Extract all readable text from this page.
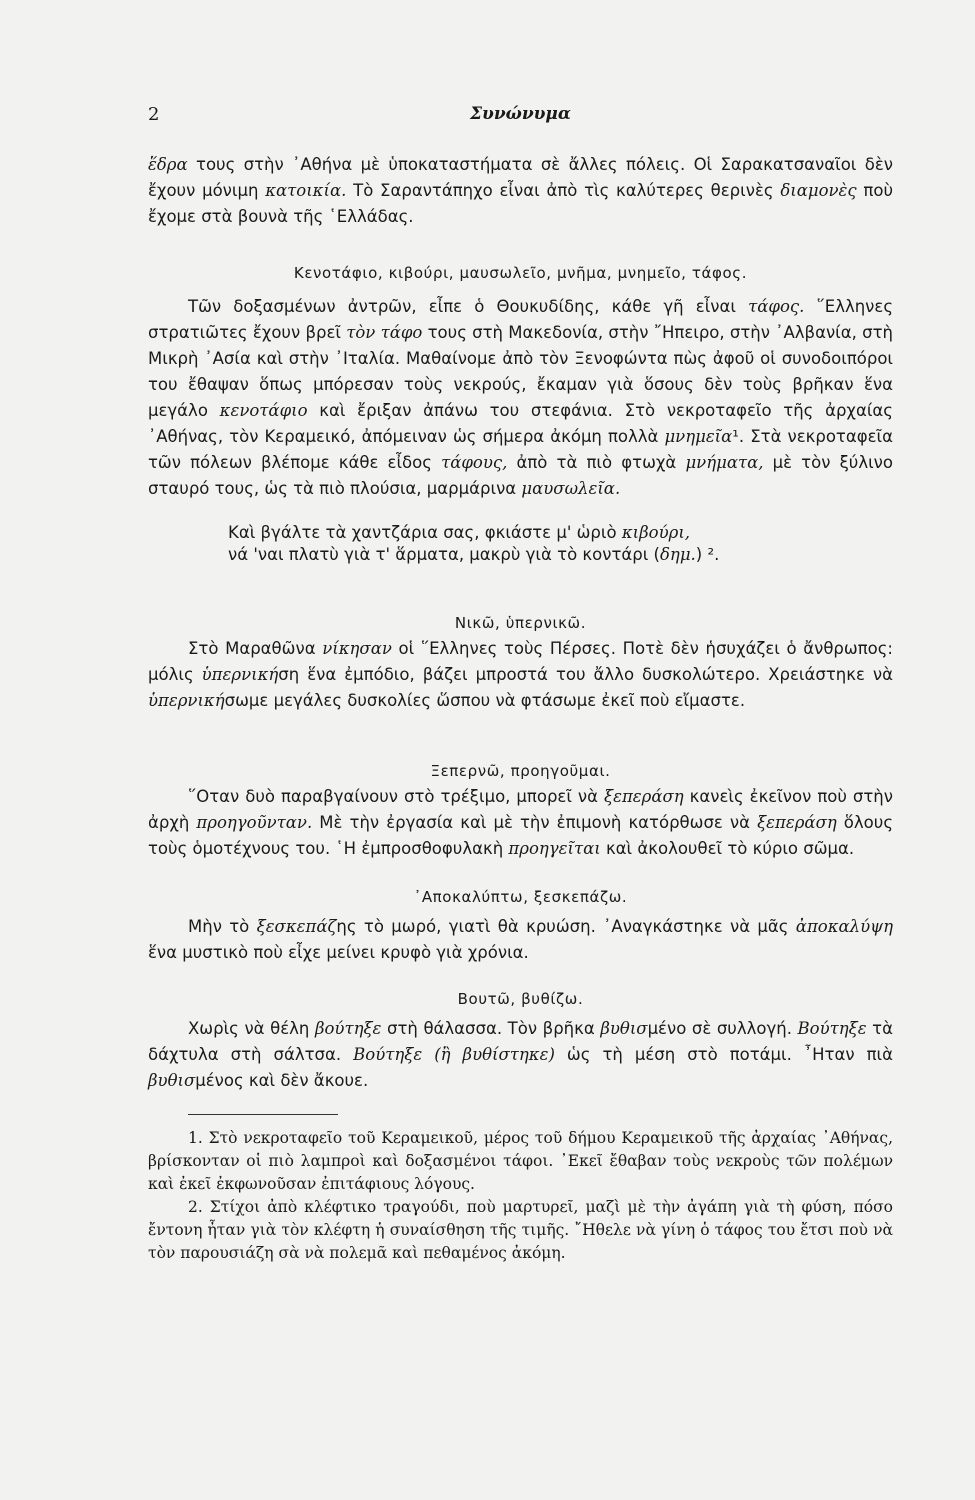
2	Συνώνυμα

ἕδρα τους στὴν ᾿Αθήνα μὲ ὑποκαταστήματα σὲ ἄλλες πόλεις. Οἱ Σαρακατσαναῖοι δὲν ἔχουν μόνιμη κατοικία. Τὸ Σαραντάπηχο εἶναι ἀπὸ τὶς καλύτερες θερινὲς διαμονὲς ποὺ ἔχομε στὰ βουνὰ τῆς ῾Ελλάδας.

Κενοτάφιο, κιβούρι, μαυσωλεῖο, μνῆμα, μνημεῖο, τάφος.

Τῶν δοξασμένων ἀντρῶν, εἶπε ὁ Θουκυδίδης, κάθε γῆ εἶναι τάφος. ῞Ελληνες στρατιῶτες ἔχουν βρεῖ τὸν τάφο τους στὴ Μακεδονία, στὴν ῎Ηπειρο, στὴν ᾿Αλβανία, στὴ Μικρὴ ᾿Ασία καὶ στὴν ᾿Ιταλία. Μαθαίνομε ἀπὸ τὸν Ξενοφώντα πὼς ἀφοῦ οἱ συνοδοιπόροι του ἔθαψαν ὅπως μπόρεσαν τοὺς νεκρούς, ἔκαμαν γιὰ ὅσους δὲν τοὺς βρῆκαν ἕνα μεγάλο κενοτάφιο καὶ ἔριξαν ἀπάνω του στεφάνια. Στὸ νεκροταφεῖο τῆς ἀρχαίας ᾿Αθήνας, τὸν Κεραμεικό, ἀπόμειναν ὡς σήμερα ἀκόμη πολλὰ μνημεῖα¹. Στὰ νεκροταφεῖα τῶν πόλεων βλέπομε κάθε εἶδος τάφους, ἀπὸ τὰ πιὸ φτωχὰ μνήματα, μὲ τὸν ξύλινο σταυρό τους, ὡς τὰ πιὸ πλούσια, μαρμάρινα μαυσωλεῖα.

Καὶ βγάλτε τὰ χαντζάρια σας, φκιάστε μ' ὡριὸ κιβούρι,
νά 'ναι πλατὺ γιὰ τ' ἅρματα, μακρὺ γιὰ τὸ κοντάρι (δημ.) ².
Νικῶ, ὑπερνικῶ.

Στὸ Μαραθῶνα νίκησαν οἱ ῞Ελληνες τοὺς Πέρσες. Ποτὲ δὲν ἡσυχάζει ὁ ἄνθρωπος: μόλις ὑπερνικήση ἕνα ἐμπόδιο, βάζει μπροστά του ἄλλο δυσκολώτερο. Χρειάστηκε νὰ ὑπερνικήσωμε μεγάλες δυσκολίες ὥσπου νὰ φτάσωμε ἐκεῖ ποὺ εἴμαστε.

Ξεπερνῶ, προηγοῦμαι.

῞Οταν δυὸ παραβγαίνουν στὸ τρέξιμο, μπορεῖ νὰ ξεπεράση κανεὶς ἐκεῖνον ποὺ στὴν ἀρχὴ προηγοῦνταν. Μὲ τὴν ἐργασία καὶ μὲ τὴν ἐπιμονὴ κατόρθωσε νὰ ξεπεράση ὅλους τοὺς ὁμοτέχνους του. ῾Η ἐμπροσθοφυλακὴ προηγεῖται καὶ ἀκολουθεῖ τὸ κύριο σῶμα.

᾿Αποκαλύπτω, ξεσκεπάζω.

Μὴν τὸ ξεσκεπάζης τὸ μωρό, γιατὶ θὰ κρυώση. ᾿Αναγκάστηκε νὰ μᾶς ἀποκαλύψη ἕνα μυστικὸ ποὺ εἶχε μείνει κρυφὸ γιὰ χρόνια.

Βουτῶ, βυθίζω.

Χωρὶς νὰ θέλη βούτηξε στὴ θάλασσα. Τὸν βρῆκα βυθισμένο σὲ συλλογή. Βούτηξε τὰ δάχτυλα στὴ σάλτσα. Βούτηξε (ἢ βυθίστηκε) ὡς τὴ μέση στὸ ποτάμι. ῏Ηταν πιὰ βυθισμένος καὶ δὲν ἄκουε.

1. Στὸ νεκροταφεῖο τοῦ Κεραμεικοῦ, μέρος τοῦ δήμου Κεραμεικοῦ τῆς ἀρχαίας ᾿Αθήνας, βρίσκονταν οἱ πιὸ λαμπροὶ καὶ δοξασμένοι τάφοι. ᾿Εκεῖ ἔθαβαν τοὺς νεκροὺς τῶν πολέμων καὶ ἐκεῖ ἐκφωνοῦσαν ἐπιτάφιους λόγους.

2. Στίχοι ἀπὸ κλέφτικο τραγούδι, ποὺ μαρτυρεῖ, μαζὶ μὲ τὴν ἀγάπη γιὰ τὴ φύση, πόσο ἔντονη ἦταν γιὰ τὸν κλέφτη ἡ συναίσθηση τῆς τιμῆς. ῎Ηθελε νὰ γίνη ὁ τάφος του ἔτσι ποὺ νὰ τὸν παρουσιάζη σὰ νὰ πολεμᾶ καὶ πεθαμένος ἀκόμη.
